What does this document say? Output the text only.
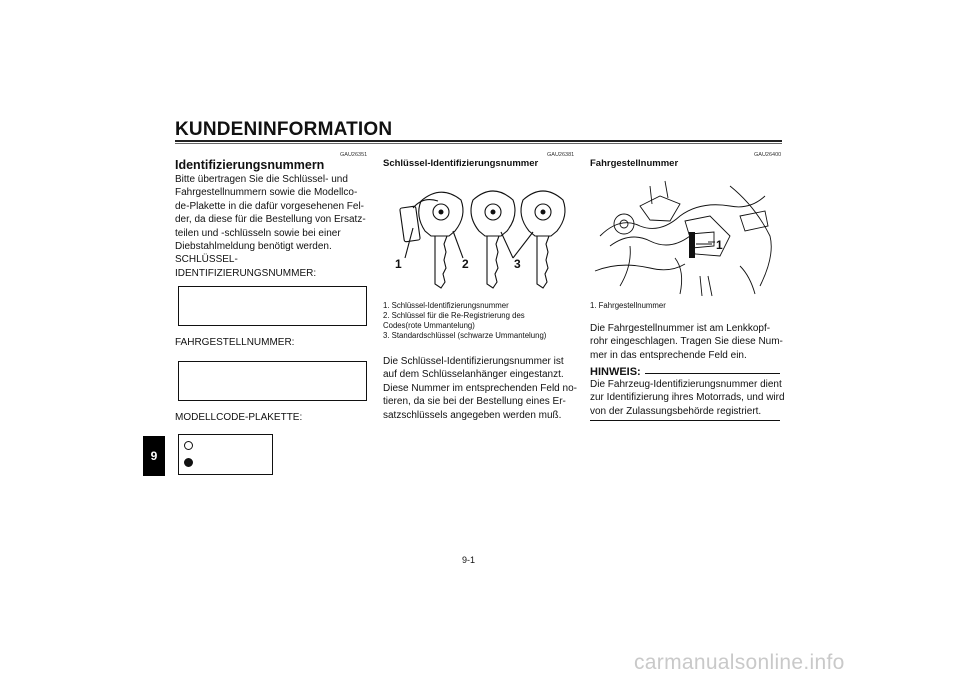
KUNDENINFORMATION
9
GAU26351
Identifizierungsnummern
Bitte übertragen Sie die Schlüssel- und
Fahrgestellnummern sowie die Modellco-
de-Plakette in die dafür vorgesehenen Fel-
der, da diese für die Bestellung von Ersatz-
teilen und -schlüsseln sowie bei einer
Diebstahlmeldung benötigt werden.
SCHLÜSSEL-
IDENTIFIZIERUNGSNUMMER:
FAHRGESTELLNUMMER:
MODELLCODE-PLAKETTE:
GAU26381
Schlüssel-Identifizierungsnummer
1	2	3
1. Schlüssel-Identifizierungsnummer
2. Schlüssel für die Re-Registrierung des
Codes(rote Ummantelung)
3. Standardschlüssel (schwarze Ummantelung)
Die Schlüssel-Identifizierungsnummer ist
auf dem Schlüsselanhänger eingestanzt.
Diese Nummer im entsprechenden Feld no-
tieren, da sie bei der Bestellung eines Er-
satzschlüssels angegeben werden muß.
GAU26400
Fahrgestellnummer
1
1. Fahrgestellnummer
Die Fahrgestellnummer ist am Lenkkopf-
rohr eingeschlagen. Tragen Sie diese Num-
mer in das entsprechende Feld ein.
HINWEIS:
Die Fahrzeug-Identifizierungsnummer dient
zur Identifizierung ihres Motorrads, und wird
von der Zulassungsbehörde registriert.
9-1
carmanualsonline.info
